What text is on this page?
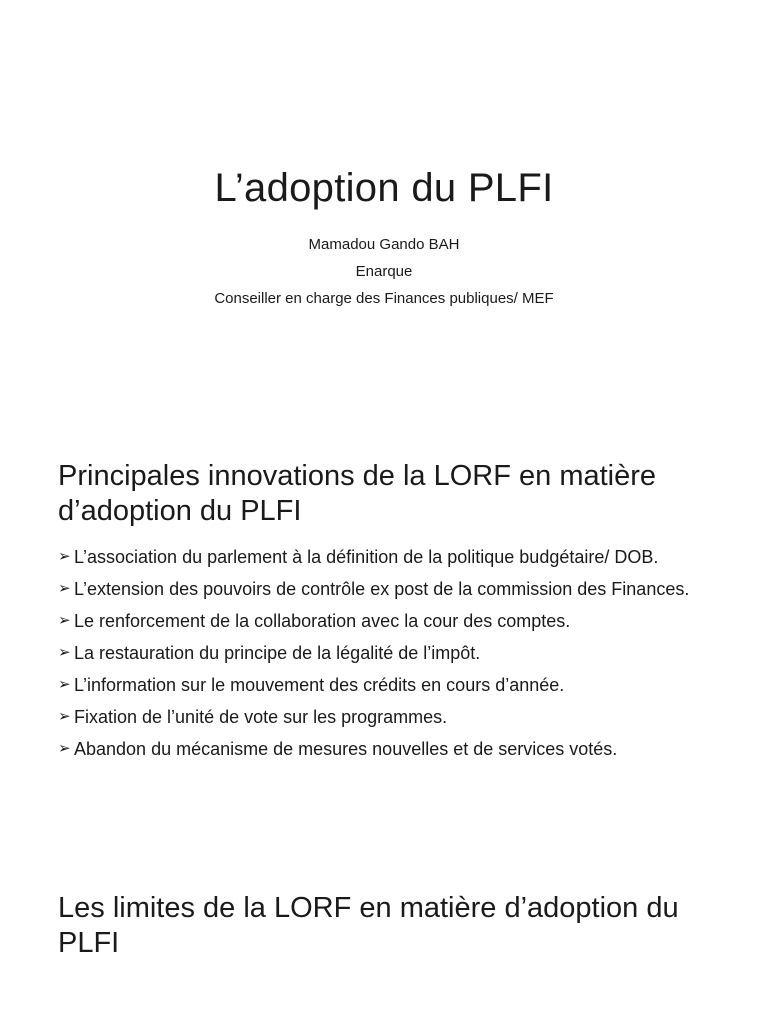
L’adoption du PLFI
Mamadou Gando BAH
Enarque
Conseiller en charge des Finances publiques/ MEF
Principales innovations de la LORF en matière d’adoption du PLFI
➢ L’association du parlement à la définition de la politique budgétaire/ DOB.
➢ L’extension des pouvoirs de contrôle ex post de la commission des Finances.
➢ Le renforcement de la collaboration avec la cour des comptes.
➢ La restauration du principe de la légalité de l’impôt.
➢ L’information sur le mouvement des crédits en cours d’année.
➢ Fixation de l’unité de vote sur les programmes.
➢ Abandon du mécanisme de mesures nouvelles et de services votés.
Les limites de la LORF en matière d’adoption du PLFI
